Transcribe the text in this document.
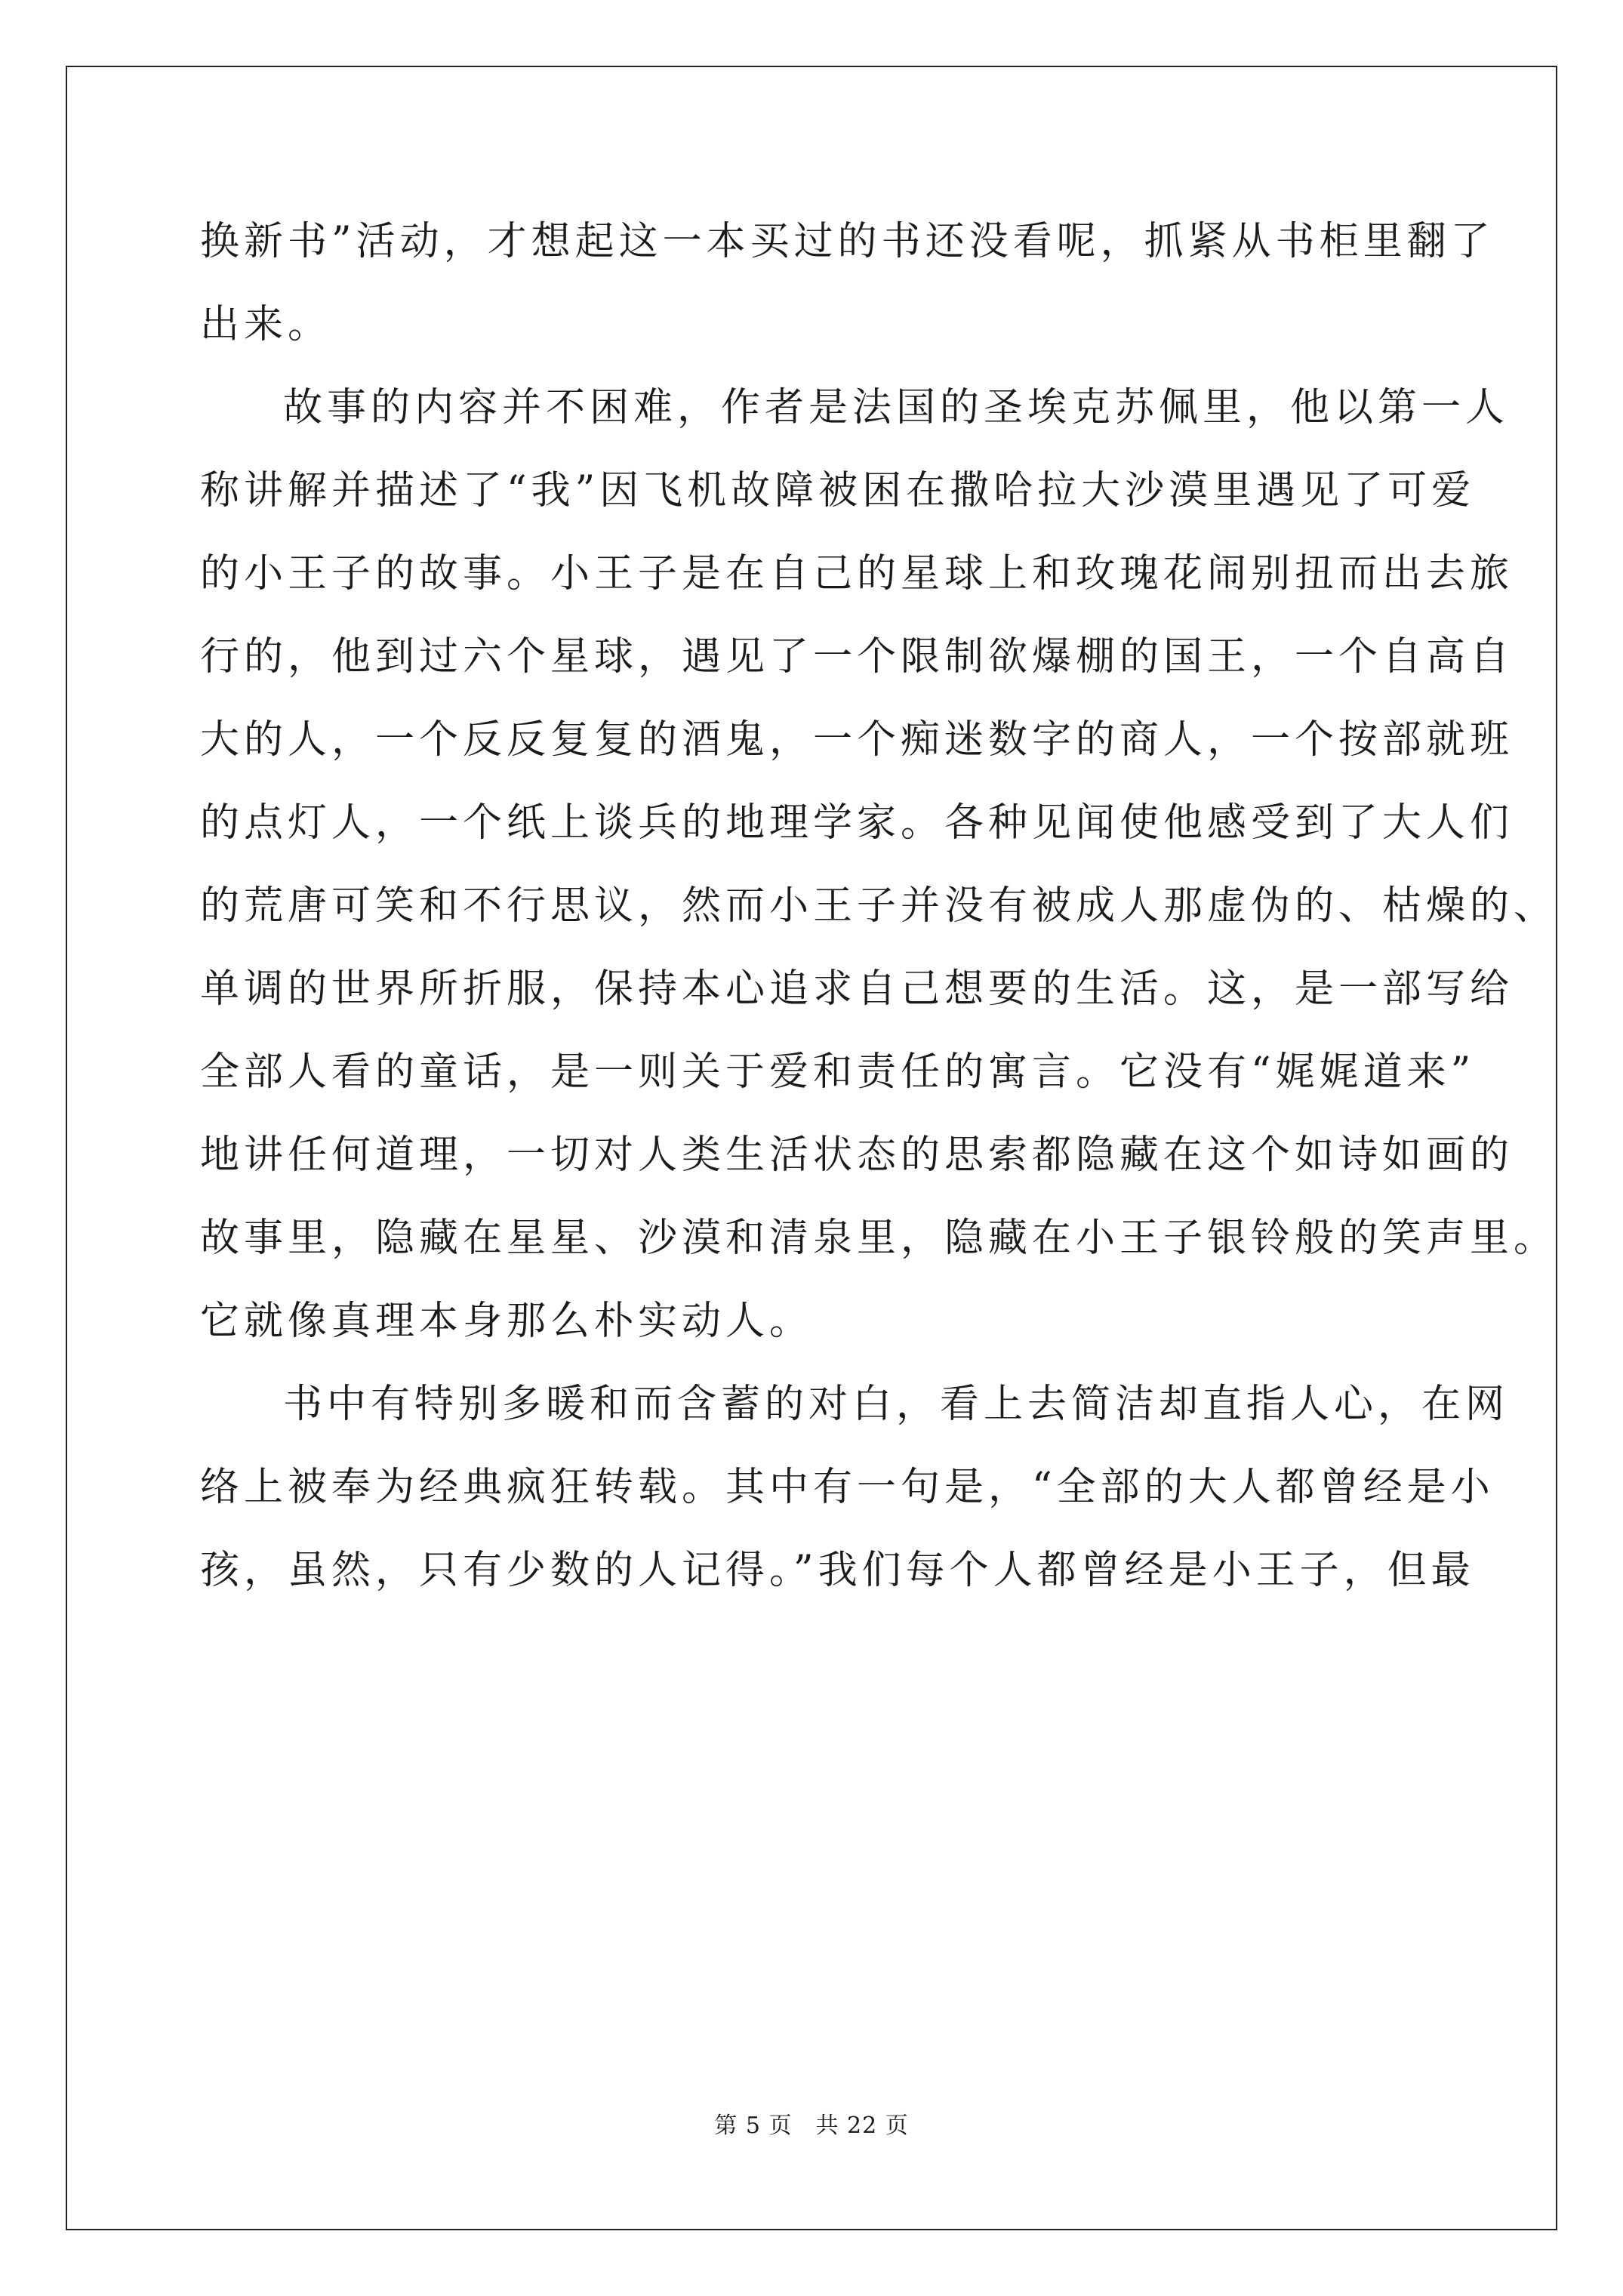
换新书”活动，才想起这一本买过的书还没看呢，抓紧从书柜里翻了

出来。

故事的内容并不困难，作者是法国的圣埃克苏佩里，他以第一人

称讲解并描述了“我”因飞机故障被困在撒哈拉大沙漠里遇见了可爱

的小王子的故事。小王子是在自己的星球上和玫瑰花闹别扭而出去旅

行的，他到过六个星球，遇见了一个限制欲爆棚的国王，一个自高自

大的人，一个反反复复的酒鬼，一个痴迷数字的商人，一个按部就班

的点灯人，一个纸上谈兵的地理学家。各种见闻使他感受到了大人们

的荒唐可笑和不行思议，然而小王子并没有被成人那虚伪的、枯燥的、

单调的世界所折服，保持本心追求自己想要的生活。这，是一部写给

全部人看的童话，是一则关于爱和责任的寓言。它没有“娓娓道来”

地讲任何道理，一切对人类生活状态的思索都隐藏在这个如诗如画的

故事里，隐藏在星星、沙漠和清泉里，隐藏在小王子银铃般的笑声里。

它就像真理本身那么朴实动人。

书中有特别多暖和而含蓄的对白，看上去简洁却直指人心，在网

络上被奉为经典疯狂转载。其中有一句是，“全部的大人都曾经是小

孩，虽然，只有少数的人记得。”我们每个人都曾经是小王子，但最

第 5 页　共 22 页
